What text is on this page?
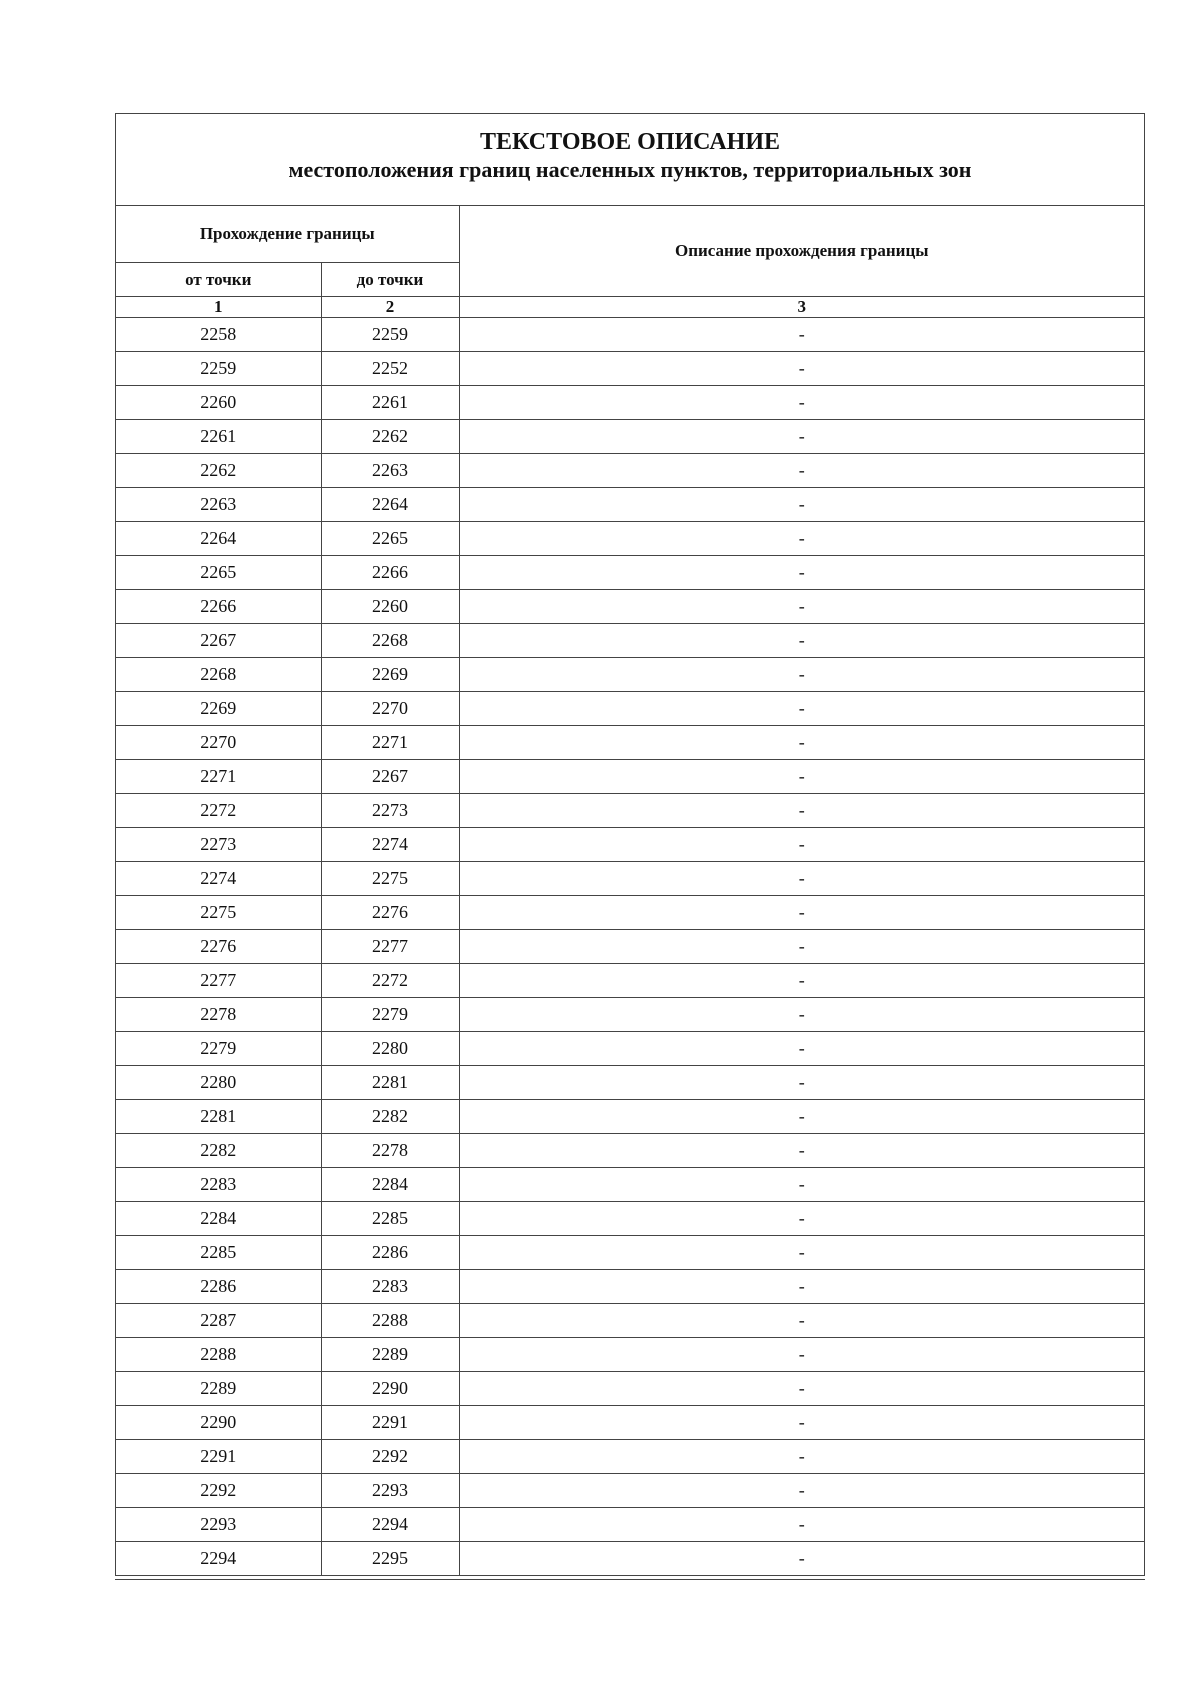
ТЕКСТОВОЕ ОПИСАНИЕ
местоположения границ населенных пунктов, территориальных зон
Прохождение границы		Описание прохождения границы
от точки	до точки	
1	2	3
2258	2259	-
2259	2252	-
2260	2261	-
2261	2262	-
2262	2263	-
2263	2264	-
2264	2265	-
2265	2266	-
2266	2260	-
2267	2268	-
2268	2269	-
2269	2270	-
2270	2271	-
2271	2267	-
2272	2273	-
2273	2274	-
2274	2275	-
2275	2276	-
2276	2277	-
2277	2272	-
2278	2279	-
2279	2280	-
2280	2281	-
2281	2282	-
2282	2278	-
2283	2284	-
2284	2285	-
2285	2286	-
2286	2283	-
2287	2288	-
2288	2289	-
2289	2290	-
2290	2291	-
2291	2292	-
2292	2293	-
2293	2294	-
2294	2295	-
